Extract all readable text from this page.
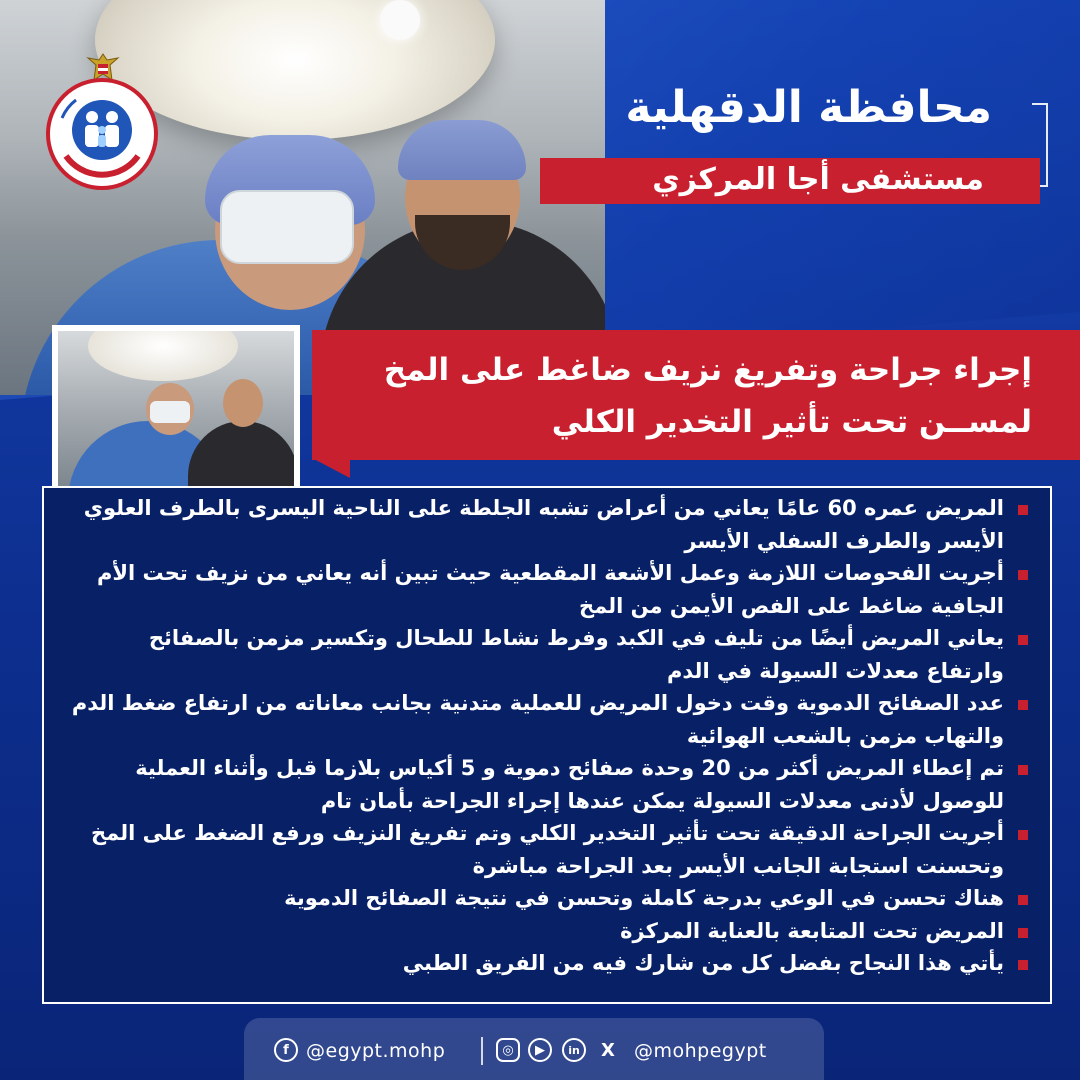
محافظة الدقهلية
مستشفى أجا المركزي
إجراء جراحة وتفريغ نزيف ضاغط على المخ لمســن تحت تأثير التخدير الكلي
المريض عمره 60 عامًا يعاني من أعراض تشبه الجلطة على الناحية اليسرى بالطرف العلوي الأيسر والطرف السفلي الأيسر
أجريت الفحوصات اللازمة وعمل الأشعة المقطعية حيث تبين أنه يعاني من نزيف تحت الأم الجافية ضاغط على الفص الأيمن من المخ
يعاني المريض أيضًا من تليف في الكبد وفرط نشاط للطحال وتكسير مزمن بالصفائح وارتفاع معدلات السيولة في الدم
عدد الصفائح الدموية وقت دخول المريض للعملية متدنية بجانب معاناته من ارتفاع ضغط الدم والتهاب مزمن بالشعب الهوائية
تم إعطاء المريض أكثر من 20 وحدة صفائح دموية و 5 أكياس بلازما قبل وأثناء العملية للوصول لأدنى معدلات السيولة يمكن عندها إجراء الجراحة بأمان تام
أجريت الجراحة الدقيقة تحت تأثير التخدير الكلي وتم تفريغ النزيف ورفع الضغط على المخ وتحسنت استجابة الجانب الأيسر بعد الجراحة مباشرة
هناك تحسن في الوعي بدرجة كاملة وتحسن في نتيجة الصفائح الدموية
المريض تحت المتابعة بالعناية المركزة
يأتي هذا النجاح بفضل كل من شارك فيه من الفريق الطبي
f @egypt.mohp	◎	▶	in	X @mohpegypt
